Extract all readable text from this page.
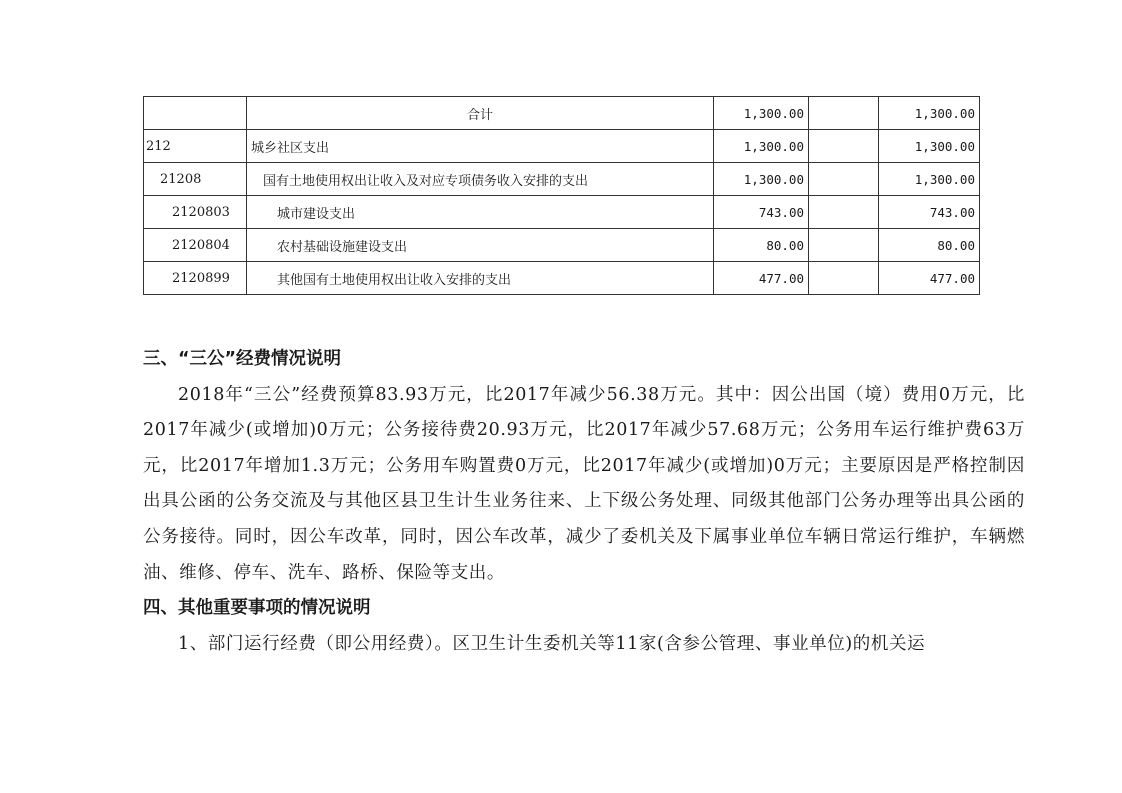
	合计	1,300.00		1,300.00
212	城乡社区支出	1,300.00		1,300.00
21208	国有土地使用权出让收入及对应专项债务收入安排的支出	1,300.00		1,300.00
2120803	城市建设支出	743.00		743.00
2120804	农村基础设施建设支出	80.00		80.00
2120899	其他国有土地使用权出让收入安排的支出	477.00		477.00
三、“三公”经费情况说明

2018年“三公”经费预算83.93万元，比2017年减少56.38万元。其中：因公出国（境）费用0万元，比2017年减少(或增加)0万元；公务接待费20.93万元，比2017年减少57.68万元；公务用车运行维护费63万元，比2017年增加1.3万元；公务用车购置费0万元，比2017年减少(或增加)0万元；主要原因是严格控制因出具公函的公务交流及与其他区县卫生计生业务往来、上下级公务处理、同级其他部门公务办理等出具公函的公务接待。同时，因公车改革，同时，因公车改革，减少了委机关及下属事业单位车辆日常运行维护，车辆燃油、维修、停车、洗车、路桥、保险等支出。

四、其他重要事项的情况说明

1、部门运行经费（即公用经费）。区卫生计生委机关等11家(含参公管理、事业单位)的机关运
